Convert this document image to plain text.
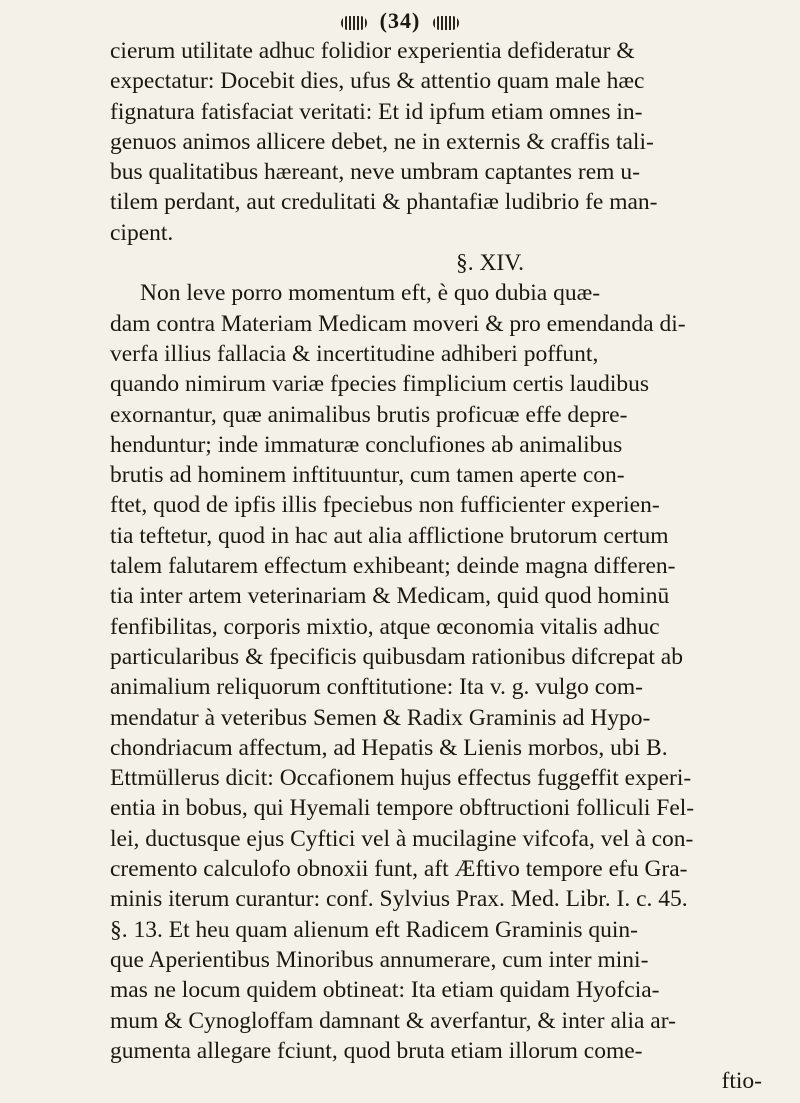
(34)
cierum utilitate adhuc folidior experientia defideratur &
expectatur: Docebit dies, ufus & attentio quam male hæc
fignatura fatisfaciat veritati: Et id ipfum etiam omnes in-
genuos animos allicere debet, ne in externis & craffis tali-
bus qualitatibus hæreant, neve umbram captantes rem u-
tilem perdant, aut credulitati & phantafiæ ludibrio fe man-
cipent.
§. XIV.
Non leve porro momentum eft, è quo dubia quæ-
dam contra Materiam Medicam moveri & pro emendanda di-
verfa illius fallacia & incertitudine adhiberi poffunt,
quando nimirum variæ fpecies fimplicium certis laudibus
exornantur, quæ animalibus brutis proficuæ effe depre-
henduntur; inde immaturæ conclufiones ab animalibus
brutis ad hominem inftituuntur, cum tamen aperte con-
ftet, quod de ipfis illis fpeciebus non fufficienter experien-
tia teftetur, quod in hac aut alia afflictione brutorum certum
talem falutarem effectum exhibeant; deinde magna differen-
tia inter artem veterinariam & Medicam, quid quod hominū
fenfibilitas, corporis mixtio, atque œconomia vitalis adhuc
particularibus & fpecificis quibusdam rationibus difcrepat ab
animalium reliquorum conftitutione: Ita v. g. vulgo com-
mendatur à veteribus Semen & Radix Graminis ad Hypo-
chondriacum affectum, ad Hepatis & Lienis morbos, ubi B.
Ettmüllerus dicit: Occafionem hujus effectus fuggeffit experi-
entia in bobus, qui Hyemali tempore obftructioni folliculi Fel-
lei, ductusque ejus Cyftici vel à mucilagine vifcofa, vel à con-
cremento calculofo obnoxii funt, aft Æftivo tempore efu Gra-
minis iterum curantur: conf. Sylvius Prax. Med. Libr. I. c. 45.
§. 13. Et heu quam alienum eft Radicem Graminis quin-
que Aperientibus Minoribus annumerare, cum inter mini-
mas ne locum quidem obtineat: Ita etiam quidam Hyofcia-
mum & Cynogloffam damnant & averfantur, & inter alia ar-
gumenta allegare fciunt, quod bruta etiam illorum come-
ftio-
